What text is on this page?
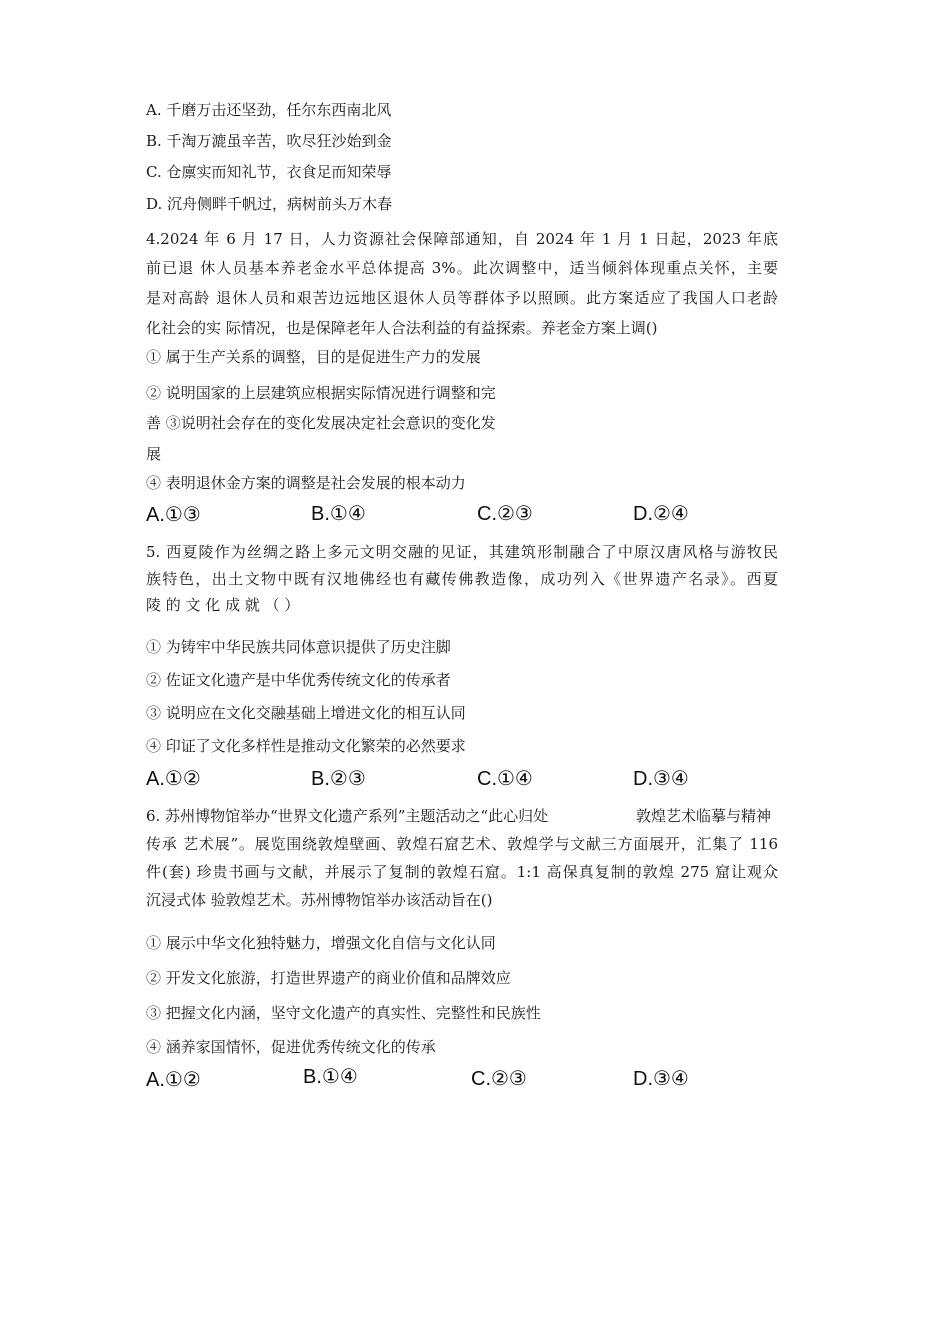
A. 千磨万击还坚劲，任尔东西南北风
B. 千淘万漉虽辛苦，吹尽狂沙始到金
C. 仓廪实而知礼节，衣食足而知荣辱
D. 沉舟侧畔千帆过，病树前头万木春
4.2024 年 6 月 17 日，人力资源社会保障部通知，自 2024 年 1 月 1 日起，2023 年底
前已退 休人员基本养老金水平总体提高 3%。此次调整中，适当倾斜体现重点关怀，主要
是对高龄 退休人员和艰苦边远地区退休人员等群体予以照顾。此方案适应了我国人口老龄
化社会的实 际情况，也是保障老年人合法利益的有益探索。养老金方案上调()
① 属于生产关系的调整，目的是促进生产力的发展
② 说明国家的上层建筑应根据实际情况进行调整和完
善 ③说明社会存在的变化发展决定社会意识的变化发
展
④ 表明退休金方案的调整是社会发展的根本动力
A.①③	B.①④	C.②③	D.②④
5. 西夏陵作为丝绸之路上多元文明交融的见证，其建筑形制融合了中原汉唐风格与游牧民
族特色，出土文物中既有汉地佛经也有藏传佛教造像，成功列入《世界遗产名录》。西夏
陵 的 文 化 成 就 （ ）
① 为铸牢中华民族共同体意识提供了历史注脚
② 佐证文化遗产是中华优秀传统文化的传承者
③ 说明应在文化交融基础上增进文化的相互认同
④ 印证了文化多样性是推动文化繁荣的必然要求
A.①②	B.②③	C.①④	D.③④
6. 苏州博物馆举办“世界文化遗产系列”主题活动之“此心归处	敦煌艺术临摹与精神
传承 艺术展”。展览围绕敦煌壁画、敦煌石窟艺术、敦煌学与文献三方面展开，汇集了 116
件(套) 珍贵书画与文献，并展示了复制的敦煌石窟。1:1 高保真复制的敦煌 275 窟让观众
沉浸式体 验敦煌艺术。苏州博物馆举办该活动旨在()
① 展示中华文化独特魅力，增强文化自信与文化认同
② 开发文化旅游，打造世界遗产的商业价值和品牌效应
③ 把握文化内涵，坚守文化遗产的真实性、完整性和民族性
④ 涵养家国情怀，促进优秀传统文化的传承
A.①②	B.①④	C.②③	D.③④
